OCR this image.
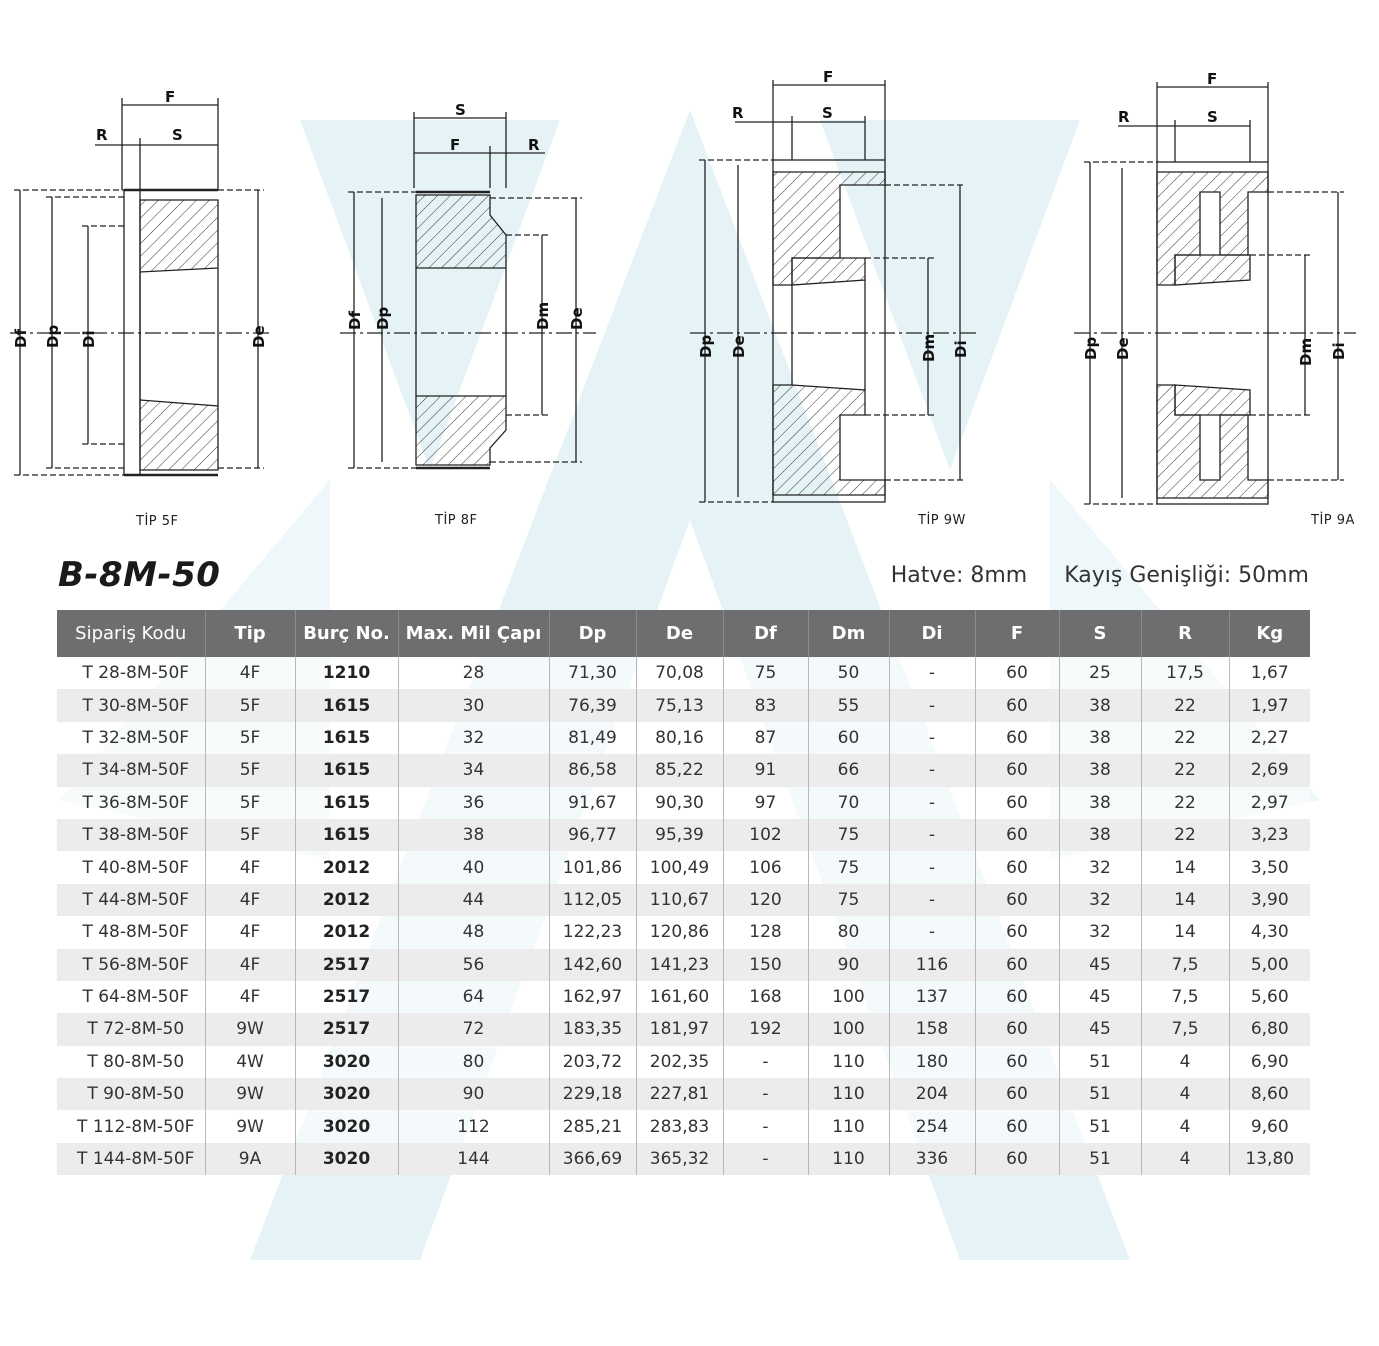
F
R	S
Df Dp Di	De
S
F	R
Df Dp	Dm De
F
R	S
Dp De	Dm Di
F
R	S
Dp De	Dm Di
TİP 5F	TİP 8F	TİP 9W	TİP 9A
B-8M-50	Hatve: 8mm Kayış Genişliği: 50mm
Sipariş Kodu	Tip	Burç No.	Max. Mil Çapı	Dp	De	Df	Dm	Di	F	S	R	Kg
T 28-8M-50F	4F	1210	28	71,30	70,08	75	50	-	60	25	17,5	1,67
T 30-8M-50F	5F	1615	30	76,39	75,13	83	55	-	60	38	22	1,97
T 32-8M-50F	5F	1615	32	81,49	80,16	87	60	-	60	38	22	2,27
T 34-8M-50F	5F	1615	34	86,58	85,22	91	66	-	60	38	22	2,69
T 36-8M-50F	5F	1615	36	91,67	90,30	97	70	-	60	38	22	2,97
T 38-8M-50F	5F	1615	38	96,77	95,39	102	75	-	60	38	22	3,23
T 40-8M-50F	4F	2012	40	101,86	100,49	106	75	-	60	32	14	3,50
T 44-8M-50F	4F	2012	44	112,05	110,67	120	75	-	60	32	14	3,90
T 48-8M-50F	4F	2012	48	122,23	120,86	128	80	-	60	32	14	4,30
T 56-8M-50F	4F	2517	56	142,60	141,23	150	90	116	60	45	7,5	5,00
T 64-8M-50F	4F	2517	64	162,97	161,60	168	100	137	60	45	7,5	5,60
T 72-8M-50	9W	2517	72	183,35	181,97	192	100	158	60	45	7,5	6,80
T 80-8M-50	4W	3020	80	203,72	202,35	-	110	180	60	51	4	6,90
T 90-8M-50	9W	3020	90	229,18	227,81	-	110	204	60	51	4	8,60
T 112-8M-50F	9W	3020	112	285,21	283,83	-	110	254	60	51	4	9,60
T 144-8M-50F	9A	3020	144	366,69	365,32	-	110	336	60	51	4	13,80
